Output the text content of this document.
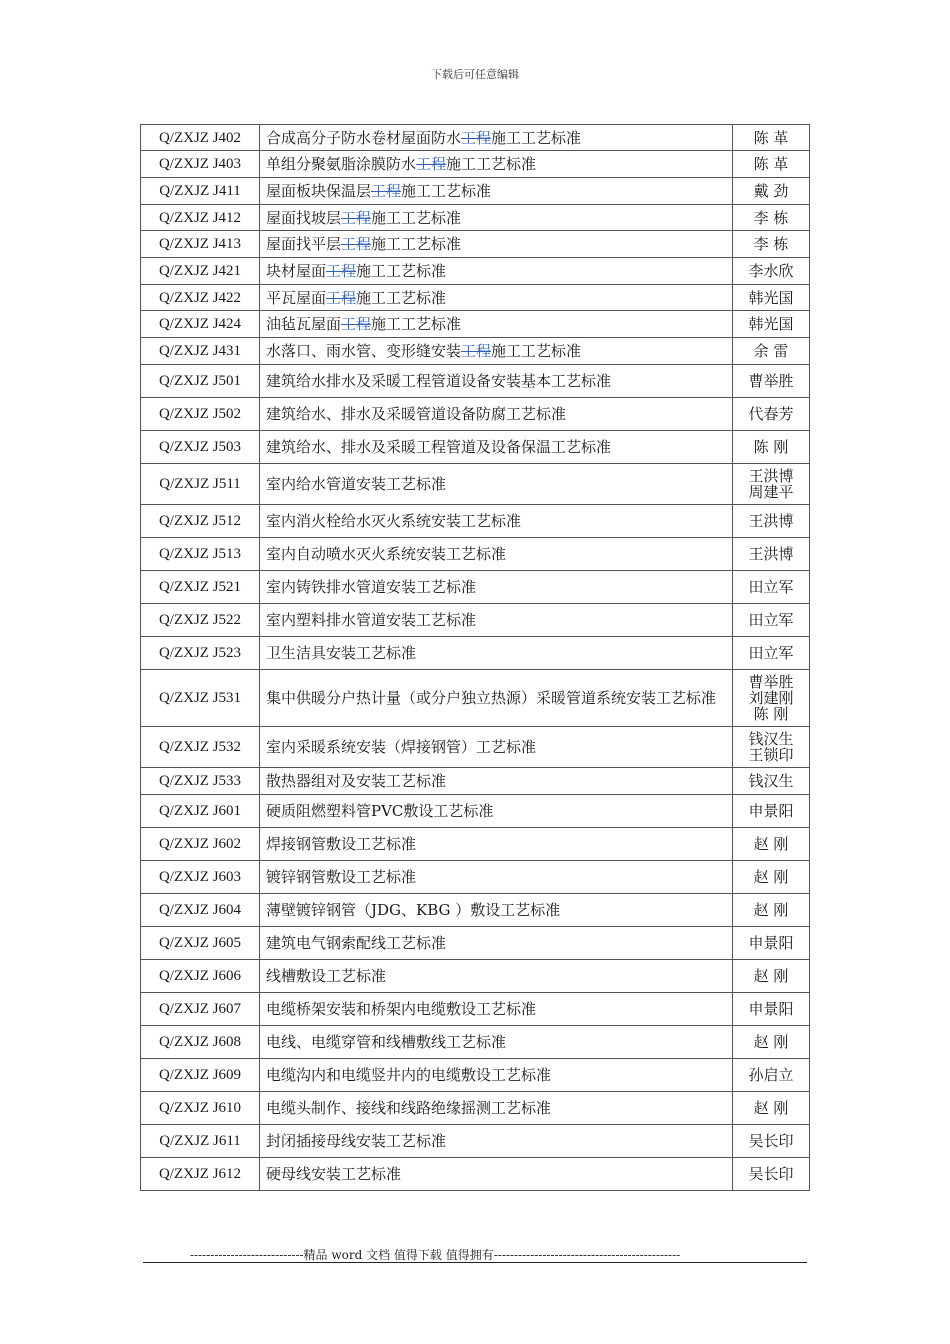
下载后可任意编辑
Q/ZXJZ J402	合成高分子防水卷材屋面防水工程施工工艺标准	陈 革

Q/ZXJZ J403	单组分聚氨脂涂膜防水工程施工工艺标准	陈 革

Q/ZXJZ J411	屋面板块保温层工程施工工艺标准	戴 劲

Q/ZXJZ J412	屋面找坡层工程施工工艺标准	李 栋

Q/ZXJZ J413	屋面找平层工程施工工艺标准	李 栋

Q/ZXJZ J421	块材屋面工程施工工艺标准	李水欣

Q/ZXJZ J422	平瓦屋面工程施工工艺标准	韩光国

Q/ZXJZ J424	油毡瓦屋面工程施工工艺标准	韩光国

Q/ZXJZ J431	水落口、雨水管、变形缝安装工程施工工艺标准	余 雷

Q/ZXJZ J501	建筑给水排水及采暖工程管道设备安装基本工艺标准	曹举胜

Q/ZXJZ J502	建筑给水、排水及采暖管道设备防腐工艺标准	代春芳

Q/ZXJZ J503	建筑给水、排水及采暖工程管道及设备保温工艺标准	陈 刚

Q/ZXJZ J511	室内给水管道安装工艺标准	王洪博
周建平

Q/ZXJZ J512	室内消火栓给水灭火系统安装工艺标准	王洪博

Q/ZXJZ J513	室内自动喷水灭火系统安装工艺标准	王洪博

Q/ZXJZ J521	室内铸铁排水管道安装工艺标准	田立军

Q/ZXJZ J522	室内塑料排水管道安装工艺标准	田立军

Q/ZXJZ J523	卫生洁具安装工艺标准	田立军

Q/ZXJZ J531	集中供暖分户热计量（或分户独立热源）采暖管道系统安装工艺标准	曹举胜
刘建刚
陈 刚

Q/ZXJZ J532	室内采暖系统安装（焊接钢管）工艺标准	钱汉生
王锁印

Q/ZXJZ J533	散热器组对及安装工艺标准	钱汉生

Q/ZXJZ J601	硬质阻燃塑料管PVC敷设工艺标准	申景阳

Q/ZXJZ J602	焊接钢管敷设工艺标准	赵 刚

Q/ZXJZ J603	镀锌钢管敷设工艺标准	赵 刚

Q/ZXJZ J604	薄壁镀锌钢管（JDG、KBG ）敷设工艺标准	赵 刚

Q/ZXJZ J605	建筑电气钢索配线工艺标准	申景阳

Q/ZXJZ J606	线槽敷设工艺标准	赵 刚

Q/ZXJZ J607	电缆桥架安装和桥架内电缆敷设工艺标准	申景阳

Q/ZXJZ J608	电线、电缆穿管和线槽敷线工艺标准	赵 刚

Q/ZXJZ J609	电缆沟内和电缆竖井内的电缆敷设工艺标准	孙启立

Q/ZXJZ J610	电缆头制作、接线和线路绝缘摇测工艺标准	赵 刚

Q/ZXJZ J611	封闭插接母线安装工艺标准	吴长印

Q/ZXJZ J612	硬母线安装工艺标准	吴长印
----------------------------精品 word 文档 值得下载 值得拥有----------------------------------------------
